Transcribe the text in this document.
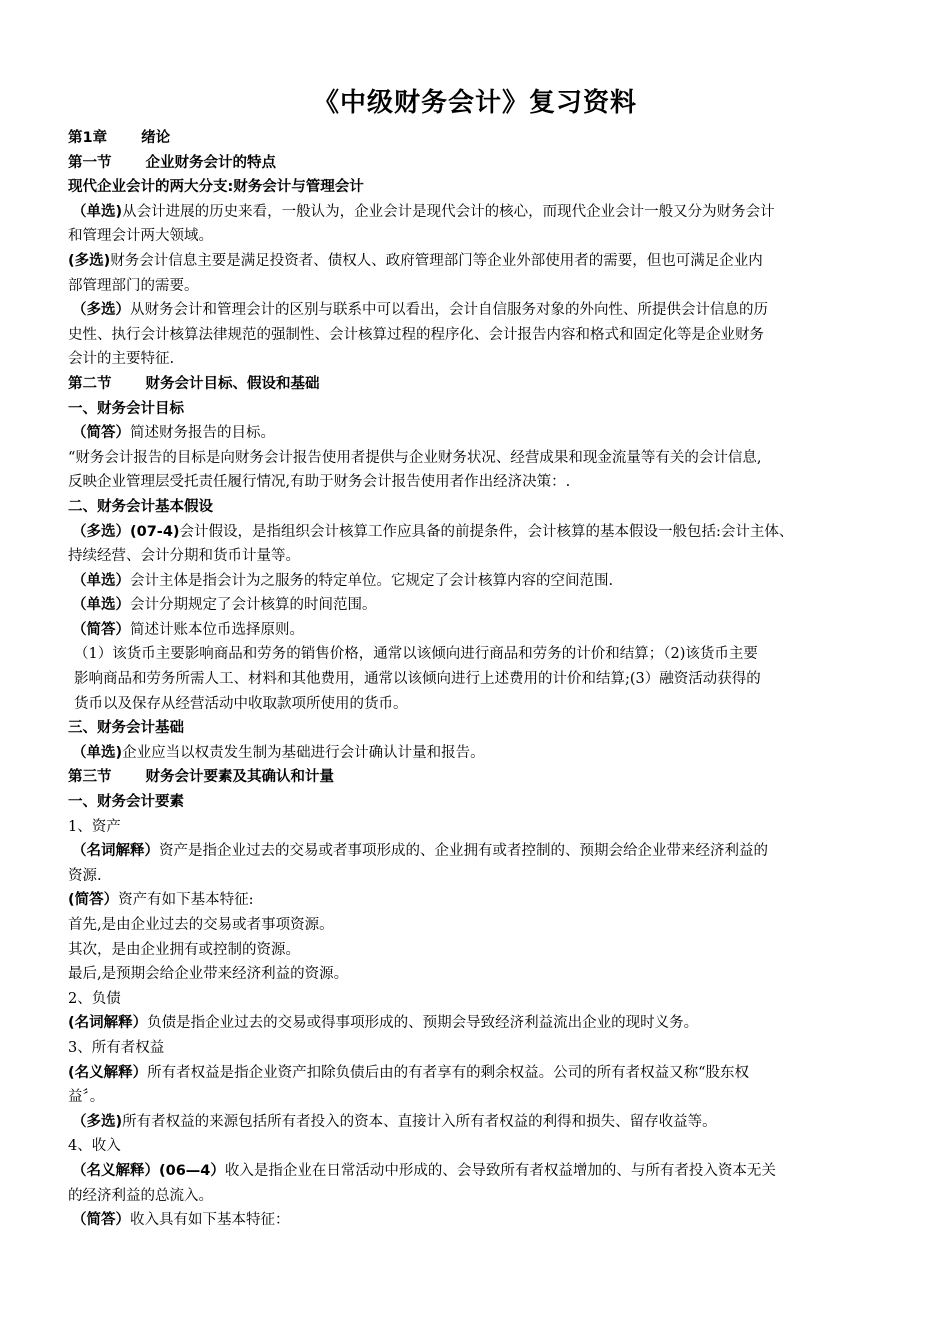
《中级财务会计》复习资料
第1章 绪论
第一节 企业财务会计的特点
现代企业会计的两大分支:财务会计与管理会计
（单选)从会计进展的历史来看，一般认为，企业会计是现代会计的核心，而现代企业会计一般又分为财务会计
和管理会计两大领域。
(多选)财务会计信息主要是满足投资者、债权人、政府管理部门等企业外部使用者的需要，但也可满足企业内
部管理部门的需要。
（多选）从财务会计和管理会计的区别与联系中可以看出，会计自信服务对象的外向性、所提供会计信息的历
史性、执行会计核算法律规范的强制性、会计核算过程的程序化、会计报告内容和格式和固定化等是企业财务
会计的主要特征.
第二节 财务会计目标、假设和基础
一、财务会计目标
（简答）简述财务报告的目标。
“财务会计报告的目标是向财务会计报告使用者提供与企业财务状况、经营成果和现金流量等有关的会计信息,
反映企业管理层受托责任履行情况,有助于财务会计报告使用者作出经济决策：.
二、财务会计基本假设
（多选）(07-4)会计假设，是指组织会计核算工作应具备的前提条件，会计核算的基本假设一般包括:会计主体、
持续经营、会计分期和货币计量等。
（单选）会计主体是指会计为之服务的特定单位。它规定了会计核算内容的空间范围.
（单选）会计分期规定了会计核算的时间范围。
（简答）简述计账本位币选择原则。
（1）该货币主要影响商品和劳务的销售价格，通常以该倾向进行商品和劳务的计价和结算；（2)该货币主要
影响商品和劳务所需人工、材料和其他费用，通常以该倾向进行上述费用的计价和结算;(3）融资活动获得的
货币以及保存从经营活动中收取款项所使用的货币。
三、财务会计基础
（单选)企业应当以权责发生制为基础进行会计确认计量和报告。
第三节 财务会计要素及其确认和计量
一、财务会计要素
1、资产
（名词解释）资产是指企业过去的交易或者事项形成的、企业拥有或者控制的、预期会给企业带来经济利益的
资源.
(简答）资产有如下基本特征:
首先,是由企业过去的交易或者事项资源。
其次，是由企业拥有或控制的资源。
最后,是预期会给企业带来经济利益的资源。
2、负债
(名词解释）负债是指企业过去的交易或得事项形成的、预期会导致经济利益流出企业的现时义务。
3、所有者权益
(名义解释）所有者权益是指企业资产扣除负债后由的有者享有的剩余权益。公司的所有者权益又称“股东权
益〞。
（多选)所有者权益的来源包括所有者投入的资本、直接计入所有者权益的利得和损失、留存收益等。
4、收入
（名义解释）(06—4）收入是指企业在日常活动中形成的、会导致所有者权益增加的、与所有者投入资本无关
的经济利益的总流入。
（简答）收入具有如下基本特征：
